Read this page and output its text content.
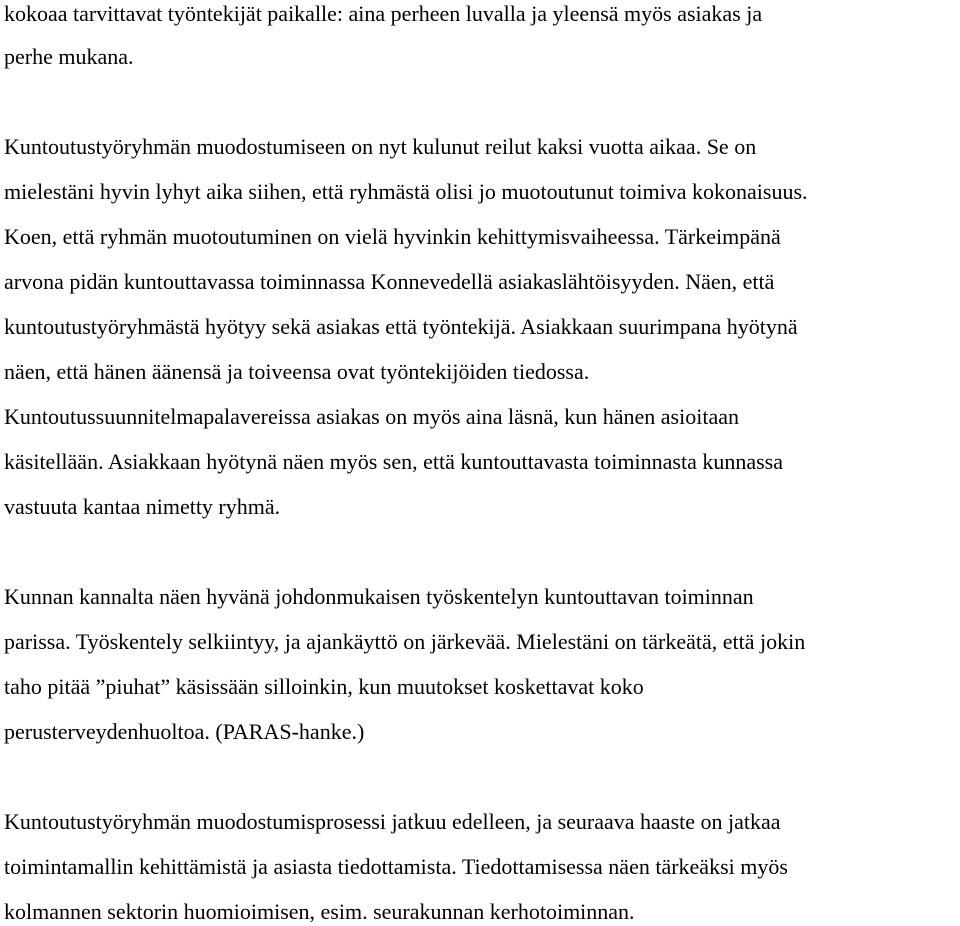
kokoaa tarvittavat työntekijät paikalle: aina perheen luvalla ja yleensä myös asiakas ja
perhe mukana.
Kuntoutustyöryhmän muodostumiseen on nyt kulunut reilut kaksi vuotta aikaa. Se on
mielestäni hyvin lyhyt aika siihen, että ryhmästä olisi jo muotoutunut toimiva kokonaisuus.
Koen, että ryhmän muotoutuminen on vielä hyvinkin kehittymisvaiheessa. Tärkeimpänä
arvona pidän kuntouttavassa toiminnassa Konnevedellä asiakaslähtöisyyden. Näen, että
kuntoutustyöryhmästä hyötyy sekä asiakas että työntekijä. Asiakkaan suurimpana hyötynä
näen, että hänen äänensä ja toiveensa ovat työntekijöiden tiedossa.
Kuntoutussuunnitelmapalavereissa asiakas on myös aina läsnä, kun hänen asioitaan
käsitellään. Asiakkaan hyötynä näen myös sen, että kuntouttavasta toiminnasta kunnassa
vastuuta kantaa nimetty ryhmä.
Kunnan kannalta näen hyvänä johdonmukaisen työskentelyn kuntouttavan toiminnan
parissa. Työskentely selkiintyy, ja ajankäyttö on järkevää. Mielestäni on tärkeätä, että jokin
taho pitää ”piuhat” käsissään silloinkin, kun muutokset koskettavat koko
perusterveydenhuoltoa. (PARAS-hanke.)
Kuntoutustyöryhmän muodostumisprosessi jatkuu edelleen, ja seuraava haaste on jatkaa
toimintamallin kehittämistä ja asiasta tiedottamista. Tiedottamisessa näen tärkeäksi myös
kolmannen sektorin huomioimisen, esim. seurakunnan kerhotoiminnan.
